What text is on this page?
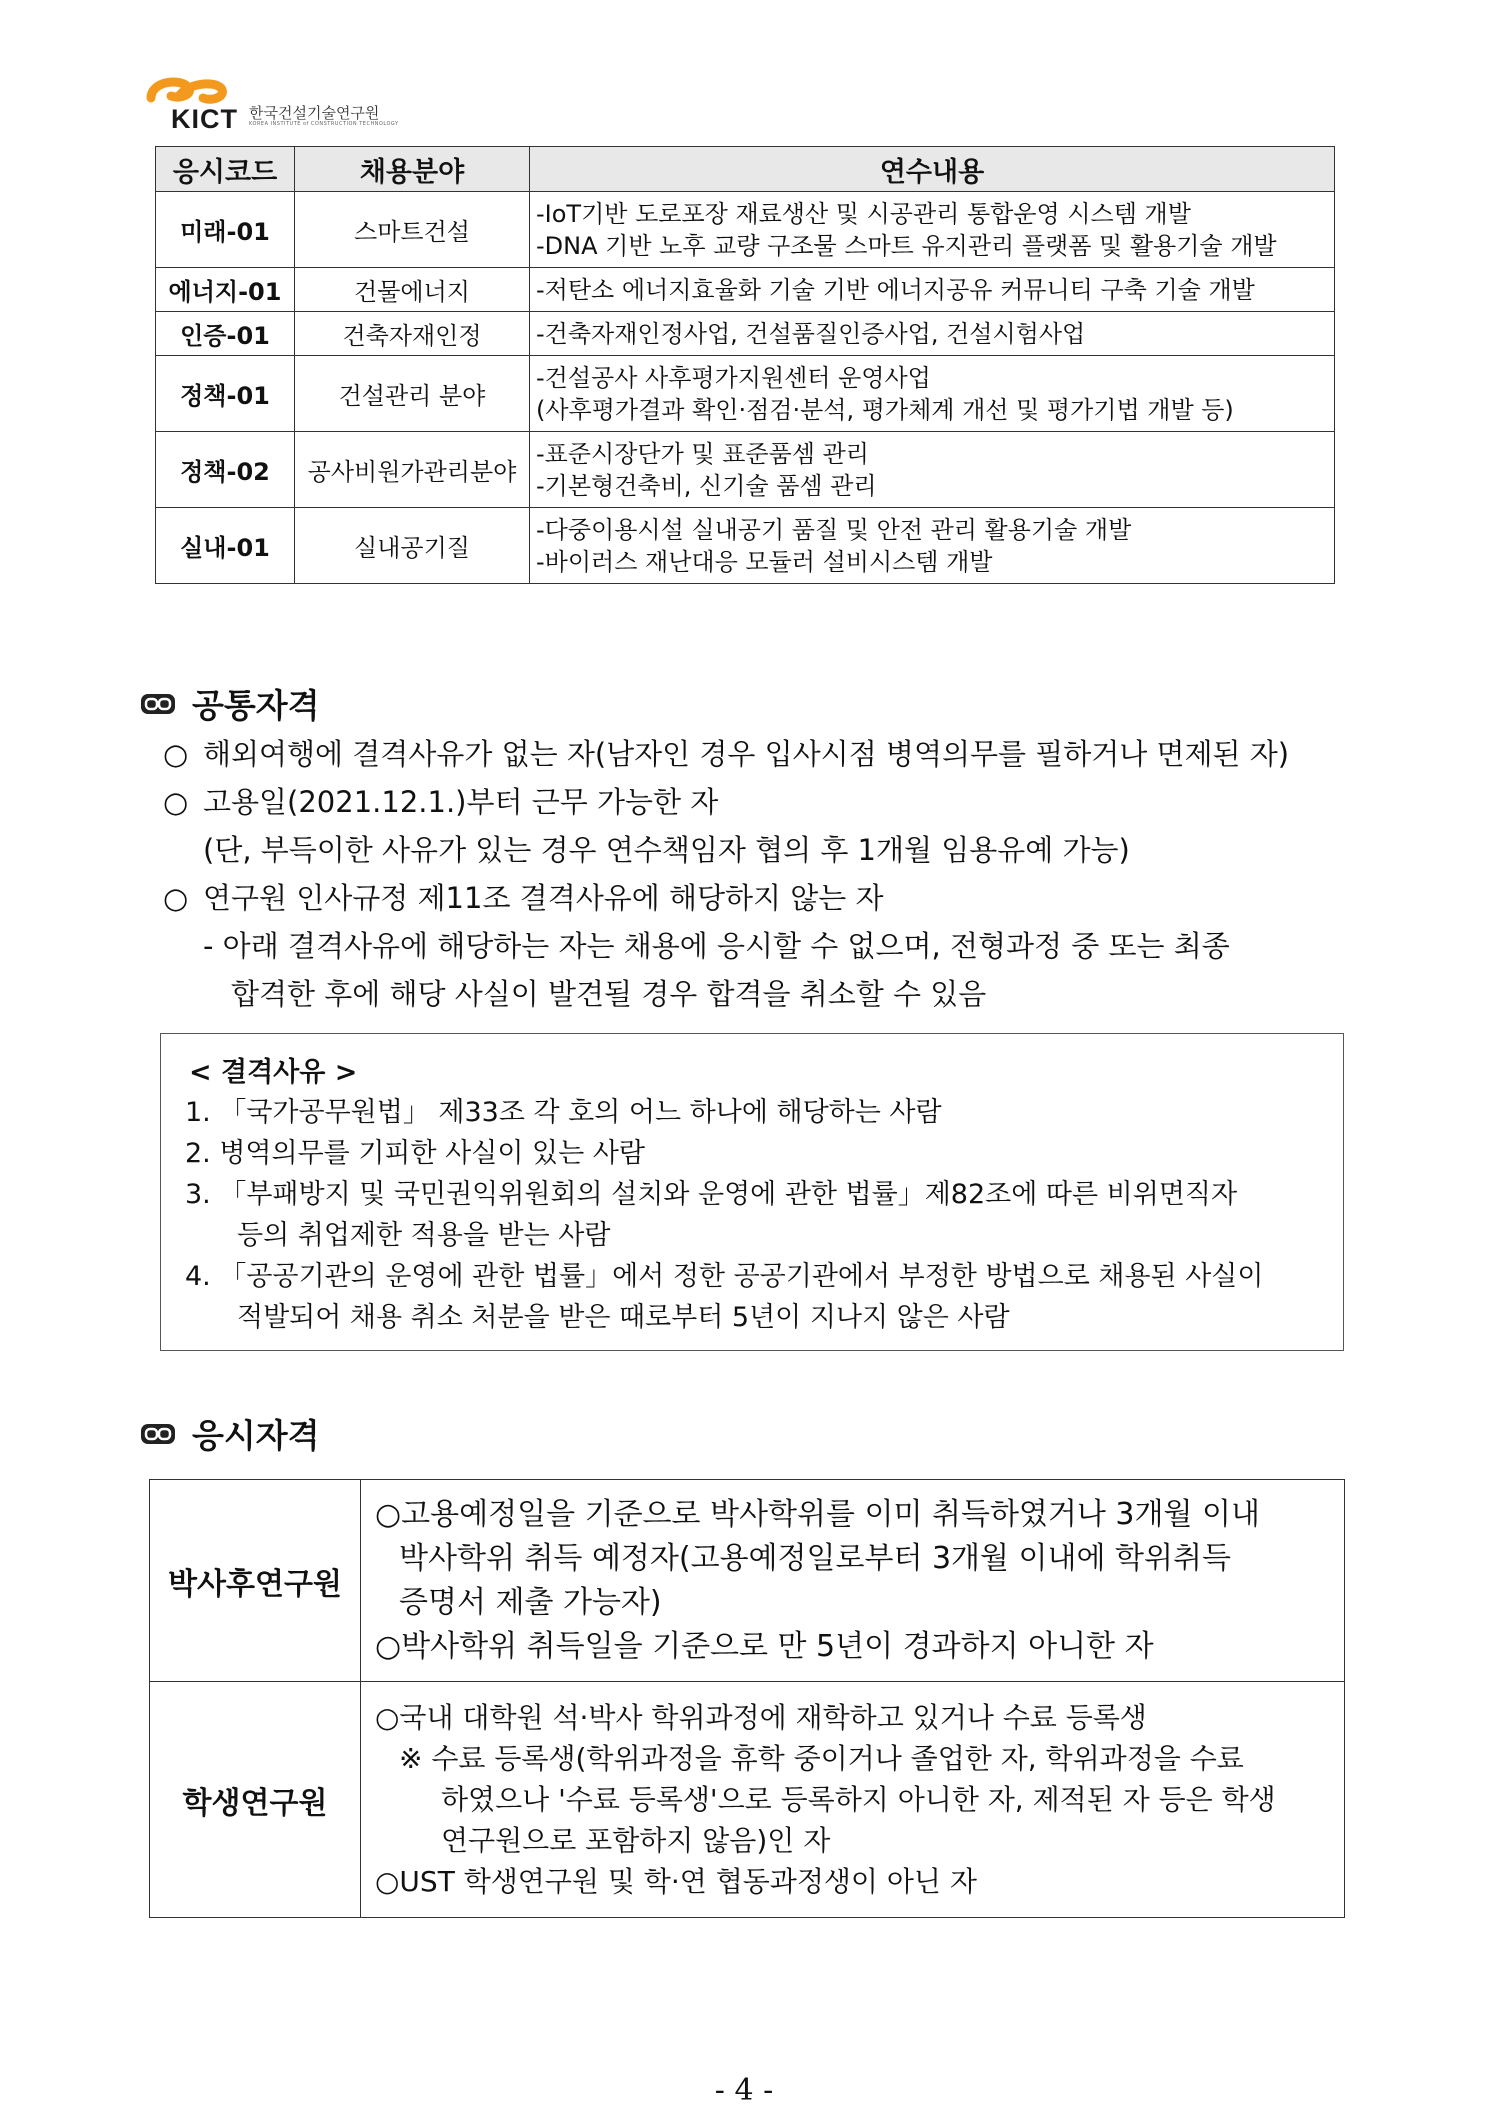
KICT 한국건설기술연구원
KOREA INSTITUTE of CONSTRUCTION TECHNOLOGY
응시코드	채용분야	연수내용
미래-01	스마트건설	-IoT기반 도로포장 재료생산 및 시공관리 통합운영 시스템 개발
-DNA 기반 노후 교량 구조물 스마트 유지관리 플랫폼 및 활용기술 개발

에너지-01	건물에너지	-저탄소 에너지효율화 기술 기반 에너지공유 커뮤니티 구축 기술 개발

인증-01	건축자재인정	-건축자재인정사업, 건설품질인증사업, 건설시험사업

정책-01	건설관리 분야	-건설공사 사후평가지원센터 운영사업
(사후평가결과 확인·점검·분석, 평가체계 개선 및 평가기법 개발 등)

정책-02	공사비원가관리분야	-표준시장단가 및 표준품셈 관리
-기본형건축비, 신기술 품셈 관리

실내-01	실내공기질	-다중이용시설 실내공기 품질 및 안전 관리 활용기술 개발
-바이러스 재난대응 모듈러 설비시스템 개발
공통자격
○ 해외여행에 결격사유가 없는 자(남자인 경우 입사시점 병역의무를 필하거나 면제된 자)
○ 고용일(2021.12.1.)부터 근무 가능한 자
(단, 부득이한 사유가 있는 경우 연수책임자 협의 후 1개월 임용유예 가능)
○ 연구원 인사규정 제11조 결격사유에 해당하지 않는 자
- 아래 결격사유에 해당하는 자는 채용에 응시할 수 없으며, 전형과정 중 또는 최종
합격한 후에 해당 사실이 발견될 경우 합격을 취소할 수 있음
< 결격사유 >
1. 「국가공무원법」 제33조 각 호의 어느 하나에 해당하는 사람
2. 병역의무를 기피한 사실이 있는 사람
3. 「부패방지 및 국민권익위원회의 설치와 운영에 관한 법률」제82조에 따른 비위면직자
등의 취업제한 적용을 받는 사람
4. 「공공기관의 운영에 관한 법률」에서 정한 공공기관에서 부정한 방법으로 채용된 사실이
적발되어 채용 취소 처분을 받은 때로부터 5년이 지나지 않은 사람
응시자격
박사후연구원	○고용예정일을 기준으로 박사학위를 이미 취득하였거나 3개월 이내
박사학위 취득 예정자(고용예정일로부터 3개월 이내에 학위취득
증명서 제출 가능자)
○박사학위 취득일을 기준으로 만 5년이 경과하지 아니한 자

학생연구원	○국내 대학원 석·박사 학위과정에 재학하고 있거나 수료 등록생
※ 수료 등록생(학위과정을 휴학 중이거나 졸업한 자, 학위과정을 수료
하였으나 '수료 등록생'으로 등록하지 아니한 자, 제적된 자 등은 학생
연구원으로 포함하지 않음)인 자
○UST 학생연구원 및 학·연 협동과정생이 아닌 자
- 4 -
